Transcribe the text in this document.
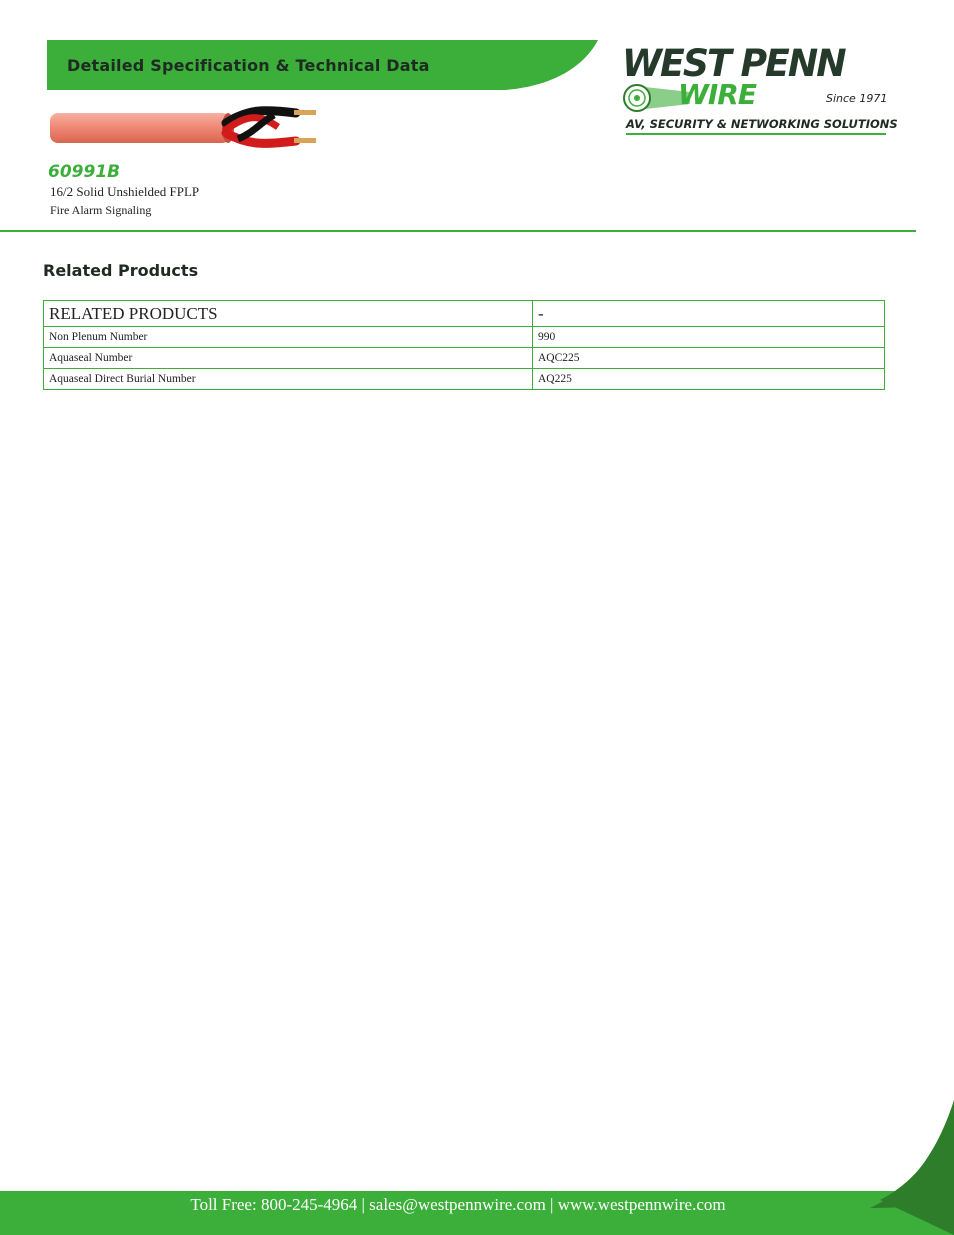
Detailed Specification & Technical Data	WEST PENN
WIRE	Since 1971
AV, SECURITY & NETWORKING SOLUTIONS
60991B
16/2 Solid Unshielded FPLP
Fire Alarm Signaling
Related Products
RELATED PRODUCTS	-
Non Plenum Number	990
Aquaseal Number	AQC225
Aquaseal Direct Burial Number	AQ225
Toll Free: 800-245-4964 | sales@westpennwire.com | www.westpennwire.com
